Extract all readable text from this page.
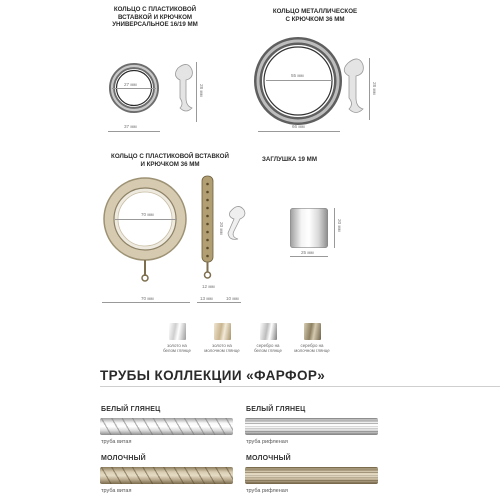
КОЛЬЦО С ПЛАСТИКОВОЙ
ВСТАВКОЙ И КРЮЧКОМ
УНИВЕРСАЛЬНОЕ 16/19 ММ
27 мм
37 мм
28 мм
КОЛЬЦО МЕТАЛЛИЧЕСКОЕ
С КРЮЧКОМ 36 ММ
55 мм
66 мм
28 мм
КОЛЬЦО С ПЛАСТИКОВОЙ ВСТАВКОЙ
И КРЮЧКОМ 36 ММ
70 мм
70 мм
20 мм
12 мм
13 мм	10 мм
ЗАГЛУШКА 19 ММ
20 мм
25 мм
золото на
белом глянце
золото на
молочном глянце
серебро на
белом глянце
серебро на
молочном глянце
ТРУБЫ КОЛЛЕКЦИИ «ФАРФОР»
БЕЛЫЙ ГЛЯНЕЦ
труба витая
БЕЛЫЙ ГЛЯНЕЦ
труба рифленая
МОЛОЧНЫЙ
труба витая
МОЛОЧНЫЙ
труба рифленая
